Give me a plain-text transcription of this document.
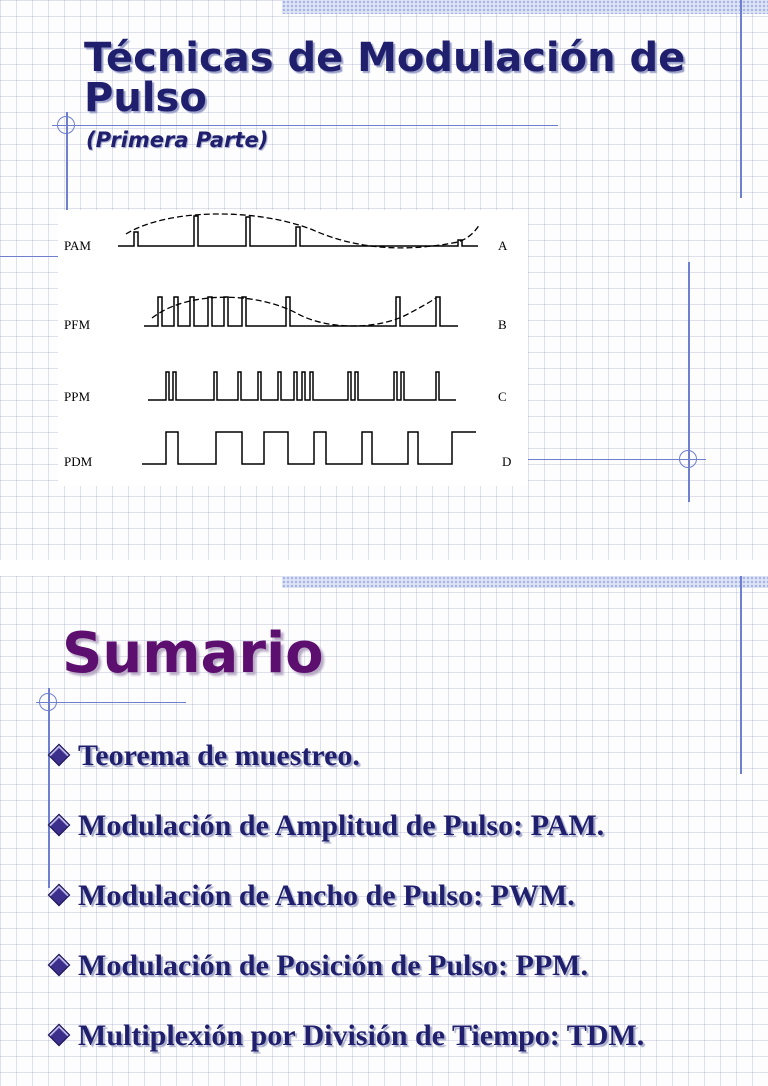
Técnicas de Modulación de Pulso
(Primera Parte)
PAM
PFM
PPM
PDM
A
B
C
D
Sumario
Teorema de muestreo.
Modulación de Amplitud de Pulso: PAM.
Modulación de Ancho de Pulso: PWM.
Modulación de Posición de Pulso: PPM.
Multiplexión por División de Tiempo: TDM.
